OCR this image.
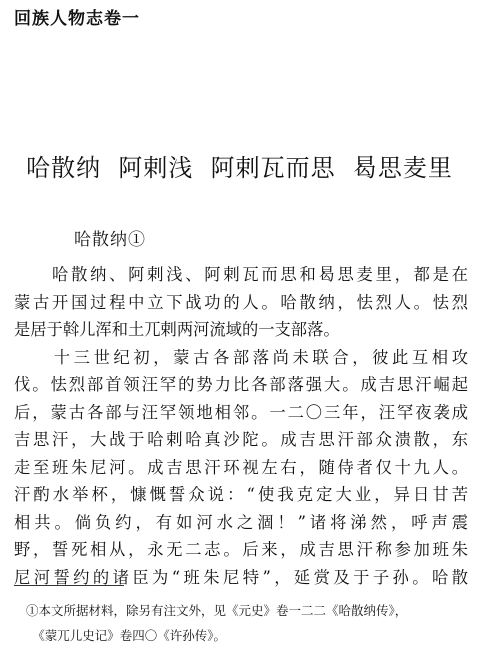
回族人物志卷一
哈散纳  阿剌浅  阿剌瓦而思  曷思麦里
哈散纳①

　　哈散纳、阿剌浅、阿剌瓦而思和曷思麦里，都是在
蒙古开国过程中立下战功的人。哈散纳，怯烈人。怯烈
是居于斡儿浑和土兀剌两河流域的一支部落。
　　十三世纪初，蒙古各部落尚未联合，彼此互相攻
伐。怯烈部首领汪罕的势力比各部落强大。成吉思汗崛起
后，蒙古各部与汪罕领地相邻。一二〇三年，汪罕夜袭成
吉思汗，大战于哈剌哈真沙陀。成吉思汗部众溃散，东
走至班朱尼河。成吉思汗环视左右，随侍者仅十九人。
汗酌水举杯，慷慨誓众说：“使我克定大业，异日甘苦
相共。倘负约，有如河水之涸！”诸将涕然，呼声震
野，誓死相从，永无二志。后来，成吉思汗称参加班朱
尼河誓约的诸臣为“班朱尼特”，延赏及于子孙。哈散

①本文所据材料，除另有注文外，见《元史》卷一二二《哈散纳传》，
　《蒙兀儿史记》卷四〇《许孙传》。
